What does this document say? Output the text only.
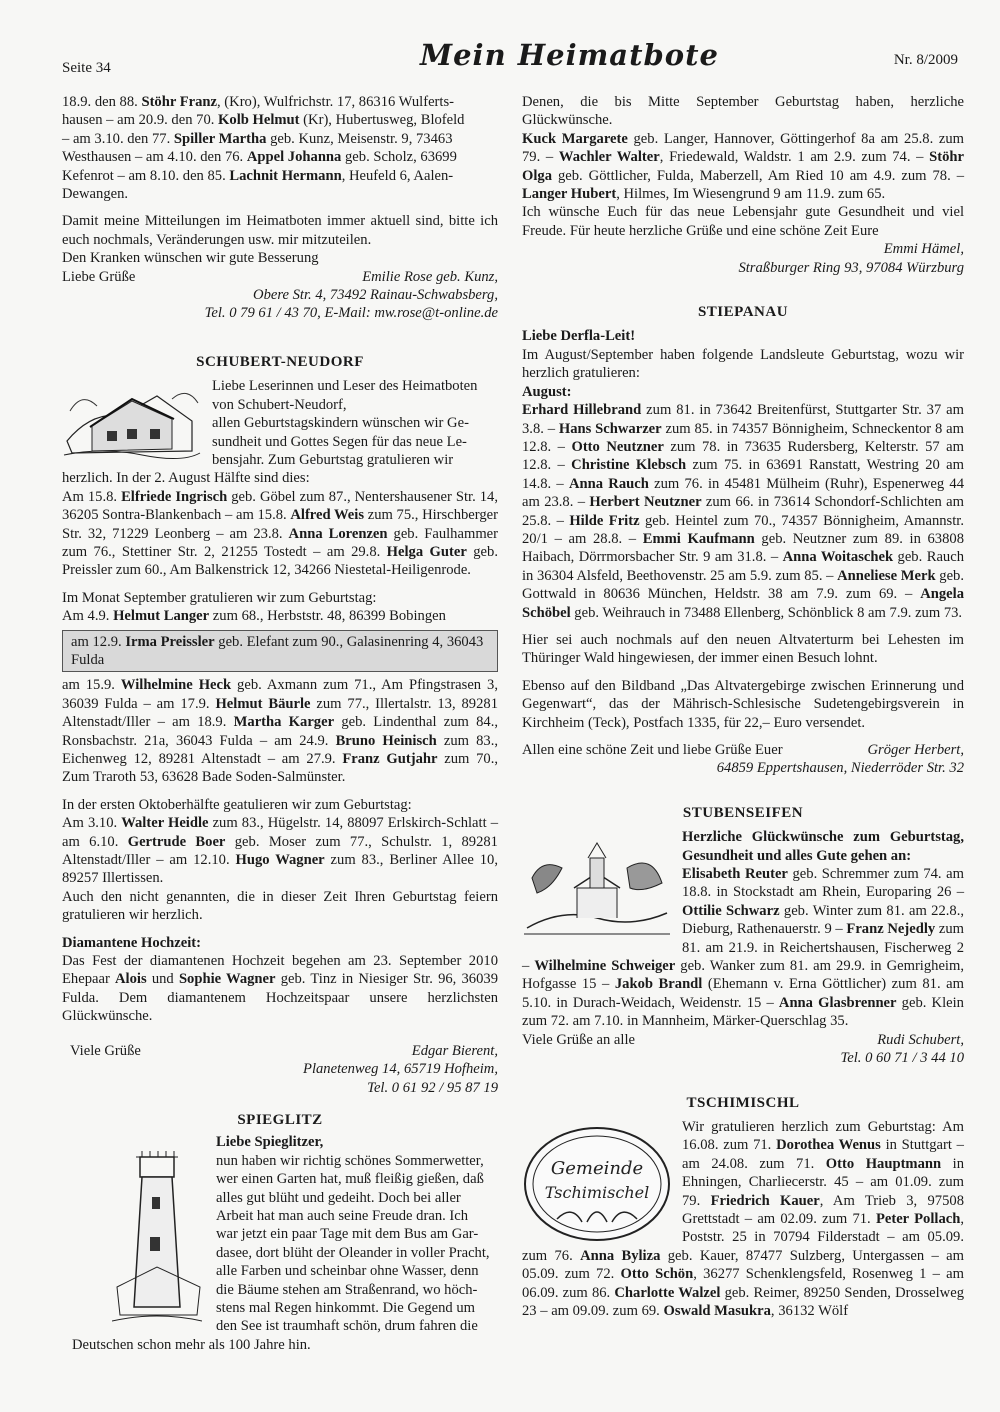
Seite 34	Mein Heimatbote	Nr. 8/2009

18.9. den 88. Stöhr Franz, (Kro), Wulfrichstr. 17, 86316 Wulferts-

hausen – am 20.9. den 70. Kolb Helmut (Kr), Hubertusweg, Blofeld

– am 3.10. den 77. Spiller Martha geb. Kunz, Meisenstr. 9, 73463

Westhausen – am 4.10. den 76. Appel Johanna geb. Scholz, 63699

Kefenrot – am 8.10. den 85. Lachnit Hermann, Heufeld 6, Aalen-

Dewangen.

Damit meine Mitteilungen im Heimatboten immer aktuell sind, bitte ich euch nochmals, Veränderungen usw. mir mitzuteilen.

Den Kranken wünschen wir gute Besserung

Liebe Grüße	Emilie Rose geb. Kunz,

Obere Str. 4, 73492 Rainau-Schwabsberg,

Tel. 0 79 61 / 43 70, E-Mail: mw.rose@t-online.de

SCHUBERT-NEUDORF

Liebe Leserinnen und Leser des Heimatboten

von Schubert-Neudorf,

allen Geburtstagskindern wünschen wir Ge-

sundheit und Gottes Segen für das neue Le-

bensjahr. Zum Geburtstag gratulieren wir

herzlich. In der 2. August Hälfte sind dies:

Am 15.8. Elfriede Ingrisch geb. Göbel zum 87., Nentershausener Str. 14, 36205 Sontra-Blankenbach – am 15.8. Alfred Weis zum 75., Hirschberger Str. 32, 71229 Leonberg – am 23.8. Anna Lorenzen geb. Faulhammer zum 76., Stettiner Str. 2, 21255 Tostedt – am 29.8. Helga Guter geb. Preissler zum 60., Am Balkenstrick 12, 34266 Niestetal-Heiligenrode.

Im Monat September gratulieren wir zum Geburtstag:

Am 4.9. Helmut Langer zum 68., Herbststr. 48, 86399 Bobingen

am 12.9. Irma Preissler geb. Elefant zum 90., Galasinenring 4, 36043 Fulda

am 15.9. Wilhelmine Heck geb. Axmann zum 71., Am Pfingstrasen 3, 36039 Fulda – am 17.9. Helmut Bäurle zum 77., Illertalstr. 13, 89281 Altenstadt/Iller – am 18.9. Martha Karger geb. Lindenthal zum 84., Ronsbachstr. 21a, 36043 Fulda – am 24.9. Bruno Heinisch zum 83., Eichenweg 12, 89281 Altenstadt – am 27.9. Franz Gutjahr zum 70., Zum Traroth 53, 63628 Bade Soden-Salmünster.

In der ersten Oktoberhälfte geatulieren wir zum Geburtstag:

Am 3.10. Walter Heidle zum 83., Hügelstr. 14, 88097 Erlskirch-Schlatt – am 6.10. Gertrude Boer geb. Moser zum 77., Schulstr. 1, 89281 Altenstadt/Iller – am 12.10. Hugo Wagner zum 83., Berliner Allee 10, 89257 Illertissen.

Auch den nicht genannten, die in dieser Zeit Ihren Geburtstag feiern gratulieren wir herzlich.

Diamantene Hochzeit:

Das Fest der diamantenen Hochzeit begehen am 23. September 2010 Ehepaar Alois und Sophie Wagner geb. Tinz in Niesiger Str. 96, 36039 Fulda. Dem diamantenem Hochzeitspaar unsere herzlichsten Glückwünsche.

Viele Grüße	Edgar Bierent,

Planetenweg 14, 65719 Hofheim,

Tel. 0 61 92 / 95 87 19

SPIEGLITZ

Liebe Spieglitzer,

nun haben wir richtig schönes Sommerwetter,

wer einen Garten hat, muß fleißig gießen, daß

alles gut blüht und gedeiht. Doch bei aller

Arbeit hat man auch seine Freude dran. Ich

war jetzt ein paar Tage mit dem Bus am Gar-

dasee, dort blüht der Oleander in voller Pracht,

alle Farben und scheinbar ohne Wasser, denn

die Bäume stehen am Straßenrand, wo höch-

stens mal Regen hinkommt. Die Gegend um

den See ist traumhaft schön, drum fahren die

Deutschen schon mehr als 100 Jahre hin.

Denen, die bis Mitte September Geburtstag haben, herzliche Glückwünsche.

Kuck Margarete geb. Langer, Hannover, Göttingerhof 8a am 25.8. zum 79. – Wachler Walter, Friedewald, Waldstr. 1 am 2.9. zum 74. – Stöhr Olga geb. Göttlicher, Fulda, Maberzell, Am Ried 10 am 4.9. zum 78. – Langer Hubert, Hilmes, Im Wiesengrund 9 am 11.9. zum 65.

Ich wünsche Euch für das neue Lebensjahr gute Gesundheit und viel Freude. Für heute herzliche Grüße und eine schöne Zeit Eure

Emmi Hämel,

Straßburger Ring 93, 97084 Würzburg

STIEPANAU

Liebe Derfla-Leit!

Im August/September haben folgende Landsleute Geburtstag, wozu wir herzlich gratulieren:

August:

Erhard Hillebrand zum 81. in 73642 Breitenfürst, Stuttgarter Str. 37 am 3.8. – Hans Schwarzer zum 85. in 74357 Bönnigheim, Schneckentor 8 am 12.8. – Otto Neutzner zum 78. in 73635 Rudersberg, Kelterstr. 57 am 12.8. – Christine Klebsch zum 75. in 63691 Ranstatt, Westring 20 am 14.8. – Anna Rauch zum 76. in 45481 Mülheim (Ruhr), Espenerweg 44 am 23.8. – Herbert Neutzner zum 66. in 73614 Schondorf-Schlichten am 25.8. – Hilde Fritz geb. Heintel zum 70., 74357 Bönnigheim, Amannstr. 20/1 – am 28.8. – Emmi Kaufmann geb. Neutzner zum 89. in 63808 Haibach, Dörrmorsbacher Str. 9 am 31.8. – Anna Woitaschek geb. Rauch in 36304 Alsfeld, Beethovenstr. 25 am 5.9. zum 85. – Anneliese Merk geb. Gottwald in 80636 München, Heldstr. 38 am 7.9. zum 69. – Angela Schöbel geb. Weihrauch in 73488 Ellenberg, Schönblick 8 am 7.9. zum 73.

Hier sei auch nochmals auf den neuen Altvaterturm bei Lehesten im Thüringer Wald hingewiesen, der immer einen Besuch lohnt.

Ebenso auf den Bildband „Das Altvatergebirge zwischen Erinnerung und Gegenwart“, das der Mährisch-Schlesische Sudetengebirgsverein in Kirchheim (Teck), Postfach 1335, für 22,– Euro versendet.

Allen eine schöne Zeit und liebe Grüße Euer	Gröger Herbert,

64859 Eppertshausen, Niederröder Str. 32

STUBENSEIFEN

Herzliche Glückwünsche zum Geburtstag, Gesundheit und alles Gute gehen an:

Elisabeth Reuter geb. Schremmer zum 74. am 18.8. in Stockstadt am Rhein, Europaring 26 – Ottilie Schwarz geb. Winter zum 81. am 22.8., Dieburg, Rathenauerstr. 9 – Franz Nejedly zum 81. am 21.9. in Reichertshausen, Fischerweg 2 – Wilhelmine Schweiger geb. Wanker zum 81. am 29.9. in Gemrigheim, Hofgasse 15 – Jakob Brandl (Ehemann v. Erna Göttlicher) zum 81. am 5.10. in Durach-Weidach, Weidenstr. 15 – Anna Glasbrenner geb. Klein zum 72. am 7.10. in Mannheim, Märker-Querschlag 35.

Viele Grüße an alle	Rudi Schubert,

Tel. 0 60 71 / 3 44 10

TSCHIMISCHL
Gemeinde
Tschimischel

Wir gratulieren herzlich zum Geburtstag: Am 16.08. zum 71. Dorothea Wenus in Stuttgart – am 24.08. zum 71. Otto Hauptmann in Ehningen, Charliecerstr. 45 – am 01.09. zum 79. Friedrich Kauer, Am Trieb 3, 97508 Grettstadt – am 02.09. zum 71. Peter Pollach, Poststr. 25 in 70794 Filderstadt – am 05.09. zum 76. Anna Byliza geb. Kauer, 87477 Sulzberg, Untergassen – am 05.09. zum 72. Otto Schön, 36277 Schenklengsfeld, Rosenweg 1 – am 06.09. zum 86. Charlotte Walzel geb. Reimer, 89250 Senden, Drosselweg 23 – am 09.09. zum 69. Oswald Masukra, 36132 Wölf
